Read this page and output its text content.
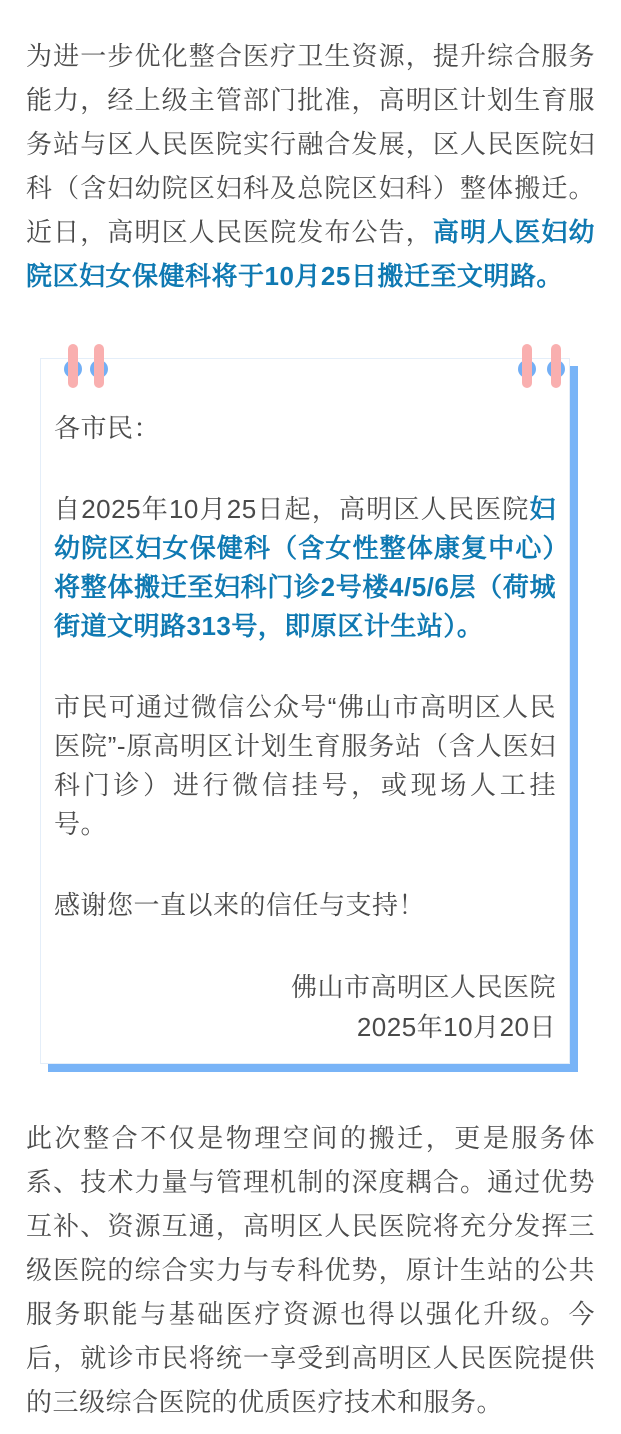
为进一步优化整合医疗卫生资源，提升综合服务能力，经上级主管部门批准，高明区计划生育服务站与区人民医院实行融合发展，区人民医院妇科（含妇幼院区妇科及总院区妇科）整体搬迁。近日，高明区人民医院发布公告，高明人医妇幼院区妇女保健科将于10月25日搬迁至文明路。

各市民：

自2025年10月25日起，高明区人民医院妇幼院区妇女保健科（含女性整体康复中心）将整体搬迁至妇科门诊2号楼4/5/6层（荷城街道文明路313号，即原区计生站）。

市民可通过微信公众号“佛山市高明区人民医院”-原高明区计划生育服务站（含人医妇科门诊）进行微信挂号，或现场人工挂号。

感谢您一直以来的信任与支持！

佛山市高明区人民医院

2025年10月20日

此次整合不仅是物理空间的搬迁，更是服务体系、技术力量与管理机制的深度耦合。通过优势互补、资源互通，高明区人民医院将充分发挥三级医院的综合实力与专科优势，原计生站的公共服务职能与基础医疗资源也得以强化升级。今后，就诊市民将统一享受到高明区人民医院提供的三级综合医院的优质医疗技术和服务。
